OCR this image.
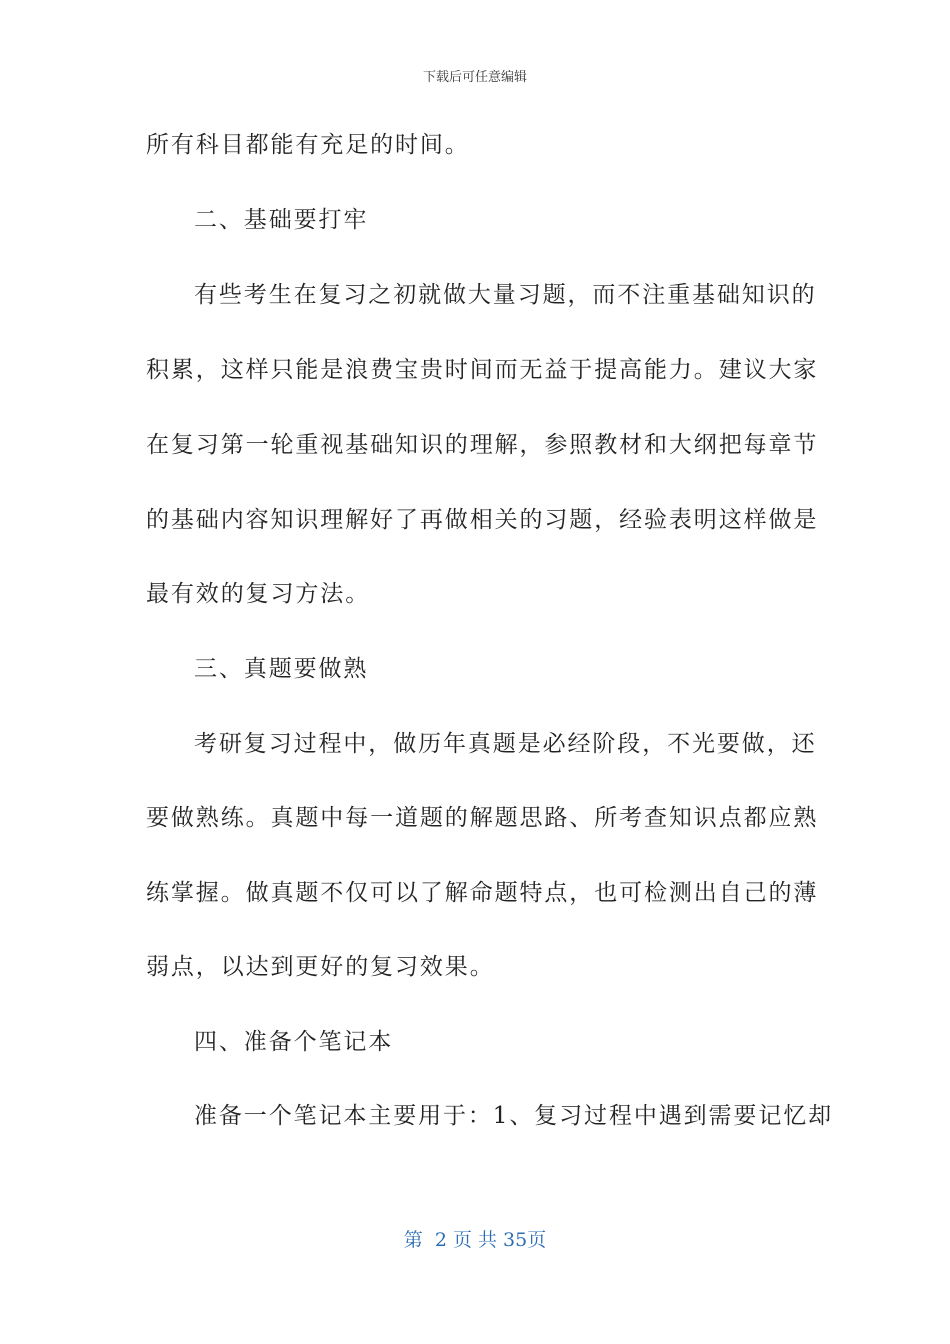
下载后可任意编辑
所有科目都能有充足的时间。
二、基础要打牢
有些考生在复习之初就做大量习题，而不注重基础知识的
积累，这样只能是浪费宝贵时间而无益于提高能力。建议大家
在复习第一轮重视基础知识的理解，参照教材和大纲把每章节
的基础内容知识理解好了再做相关的习题，经验表明这样做是
最有效的复习方法。
三、真题要做熟
考研复习过程中，做历年真题是必经阶段，不光要做，还
要做熟练。真题中每一道题的解题思路、所考查知识点都应熟
练掌握。做真题不仅可以了解命题特点，也可检测出自己的薄
弱点，以达到更好的复习效果。
四、准备个笔记本
准备一个笔记本主要用于：1、复习过程中遇到需要记忆却
第  2 页 共 35页
